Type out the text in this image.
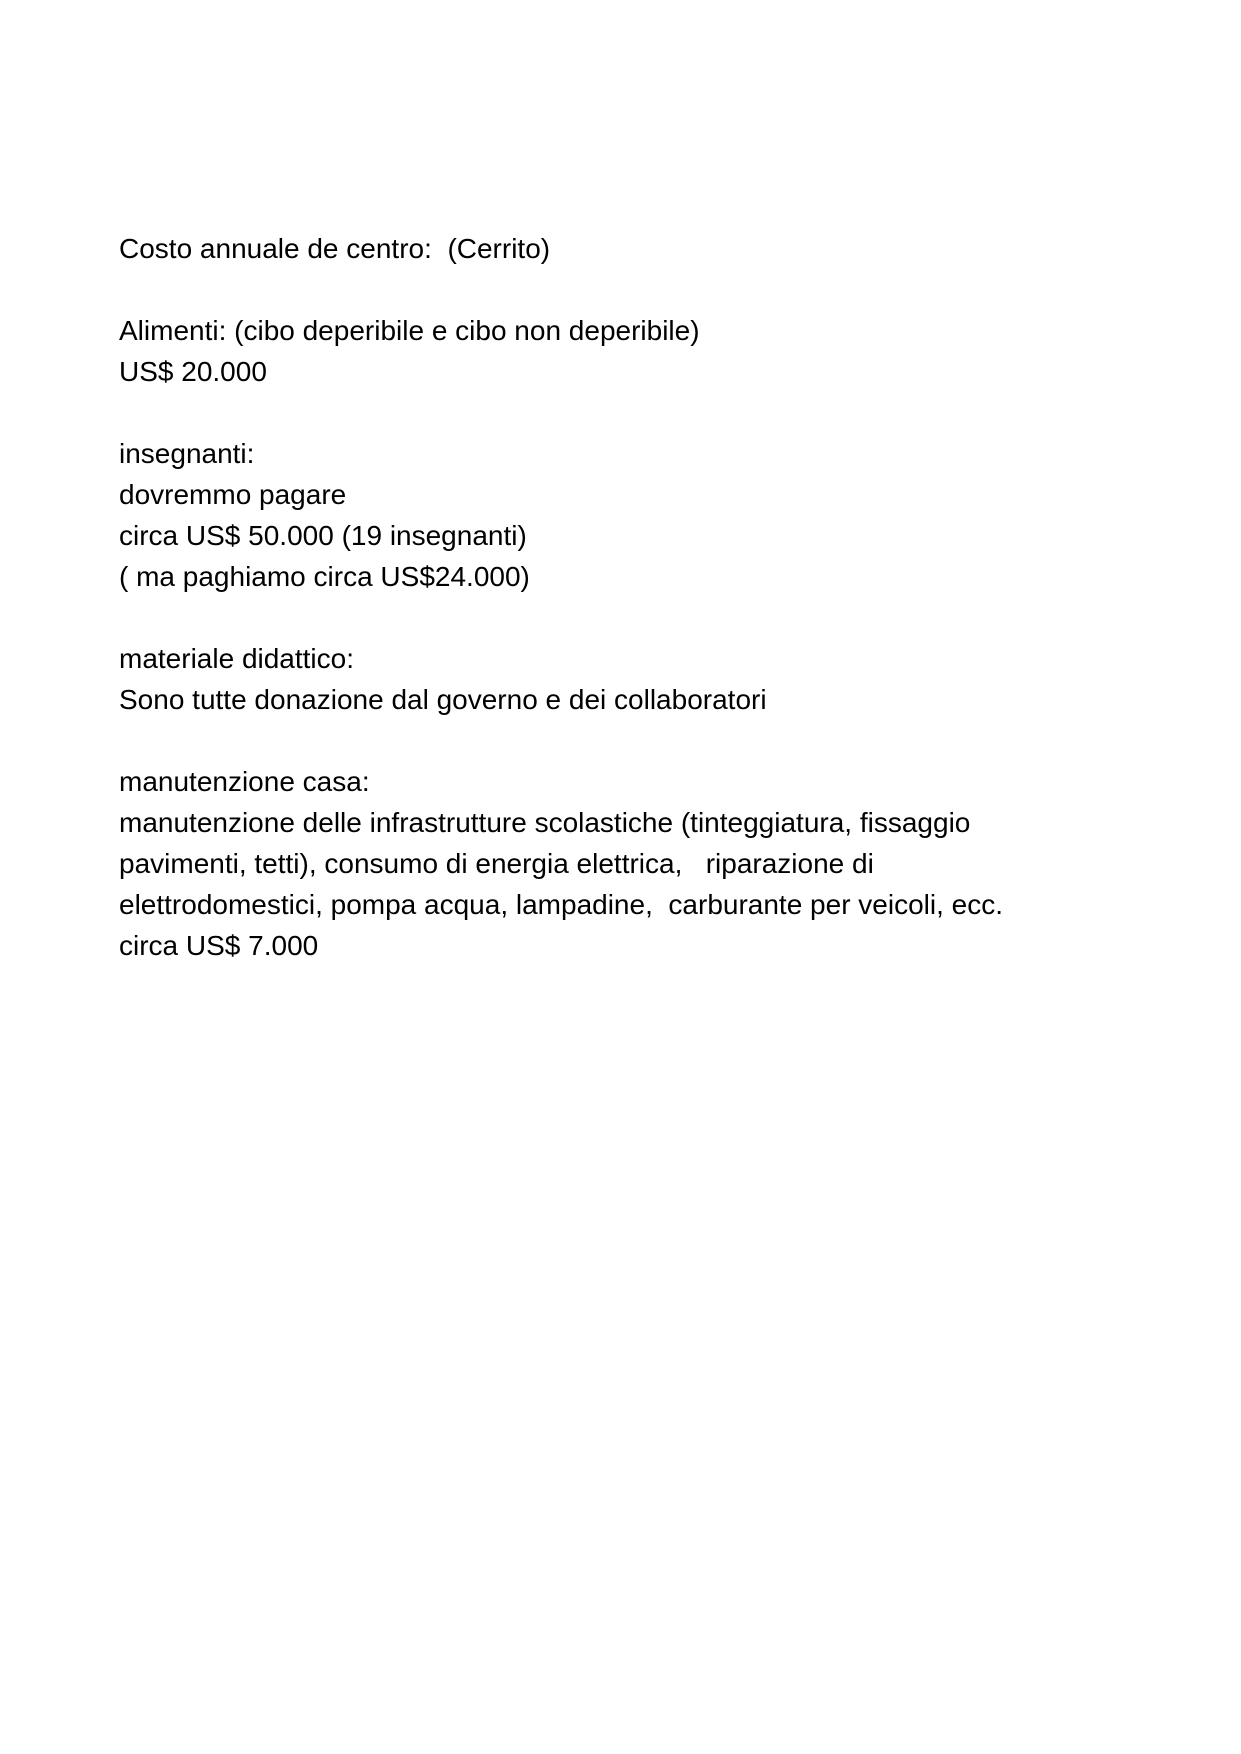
Costo annuale de centro:  (Cerrito)
Alimenti: (cibo deperibile e cibo non deperibile)
US$ 20.000
insegnanti:
dovremmo pagare
circa US$ 50.000 (19 insegnanti)
( ma paghiamo circa US$24.000)
materiale didattico:
Sono tutte donazione dal governo e dei collaboratori
manutenzione casa:
manutenzione delle infrastrutture scolastiche (tinteggiatura, fissaggio
pavimenti, tetti), consumo di energia elettrica,   riparazione di
elettrodomestici, pompa acqua, lampadine,  carburante per veicoli, ecc.
circa US$ 7.000
